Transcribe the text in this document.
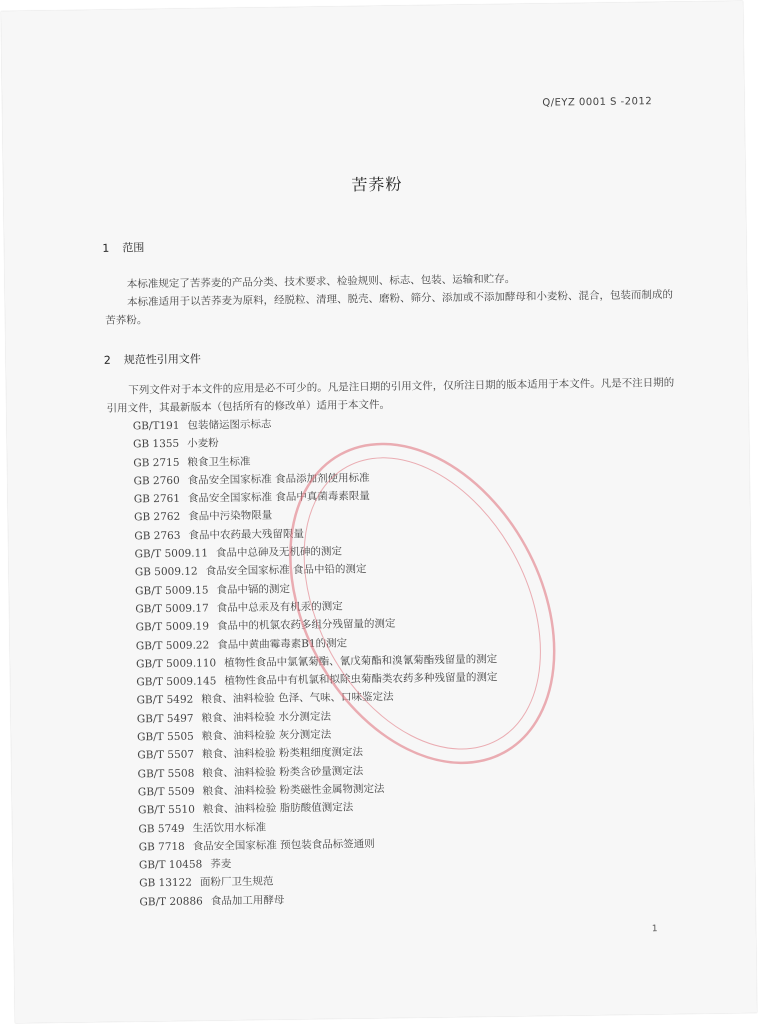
Q/EYZ 0001 S -2012
苦荞粉
1 范围

本标准规定了苦荞麦的产品分类、技术要求、检验规则、标志、包装、运输和贮存。

本标准适用于以苦荞麦为原料，经脱粒、清理、脱壳、磨粉、筛分、添加或不添加酵母和小麦粉、混合，包装而制成的苦荞粉。

2 规范性引用文件

下列文件对于本文件的应用是必不可少的。凡是注日期的引用文件，仅所注日期的版本适用于本文件。凡是不注日期的引用文件，其最新版本（包括所有的修改单）适用于本文件。

GB/T191 包装储运图示标志
GB 1355 小麦粉
GB 2715 粮食卫生标准
GB 2760 食品安全国家标准 食品添加剂使用标准
GB 2761 食品安全国家标准 食品中真菌毒素限量
GB 2762 食品中污染物限量
GB 2763 食品中农药最大残留限量
GB/T 5009.11 食品中总砷及无机砷的测定
GB 5009.12 食品安全国家标准 食品中铅的测定
GB/T 5009.15 食品中镉的测定
GB/T 5009.17 食品中总汞及有机汞的测定
GB/T 5009.19 食品中的机氯农药多组分残留量的测定
GB/T 5009.22 食品中黄曲霉毒素B1的测定
GB/T 5009.110 植物性食品中氯氰菊酯、氰戊菊酯和溴氰菊酯残留量的测定
GB/T 5009.145 植物性食品中有机氯和拟除虫菊酯类农药多种残留量的测定
GB/T 5492 粮食、油料检验 色泽、气味、口味鉴定法
GB/T 5497 粮食、油料检验 水分测定法
GB/T 5505 粮食、油料检验 灰分测定法
GB/T 5507 粮食、油料检验 粉类粗细度测定法
GB/T 5508 粮食、油料检验 粉类含砂量测定法
GB/T 5509 粮食、油料检验 粉类磁性金属物测定法
GB/T 5510 粮食、油料检验 脂肪酸值测定法
GB 5749 生活饮用水标准
GB 7718 食品安全国家标准 预包装食品标签通则
GB/T 10458 荞麦
GB 13122 面粉厂卫生规范
GB/T 20886 食品加工用酵母
1
